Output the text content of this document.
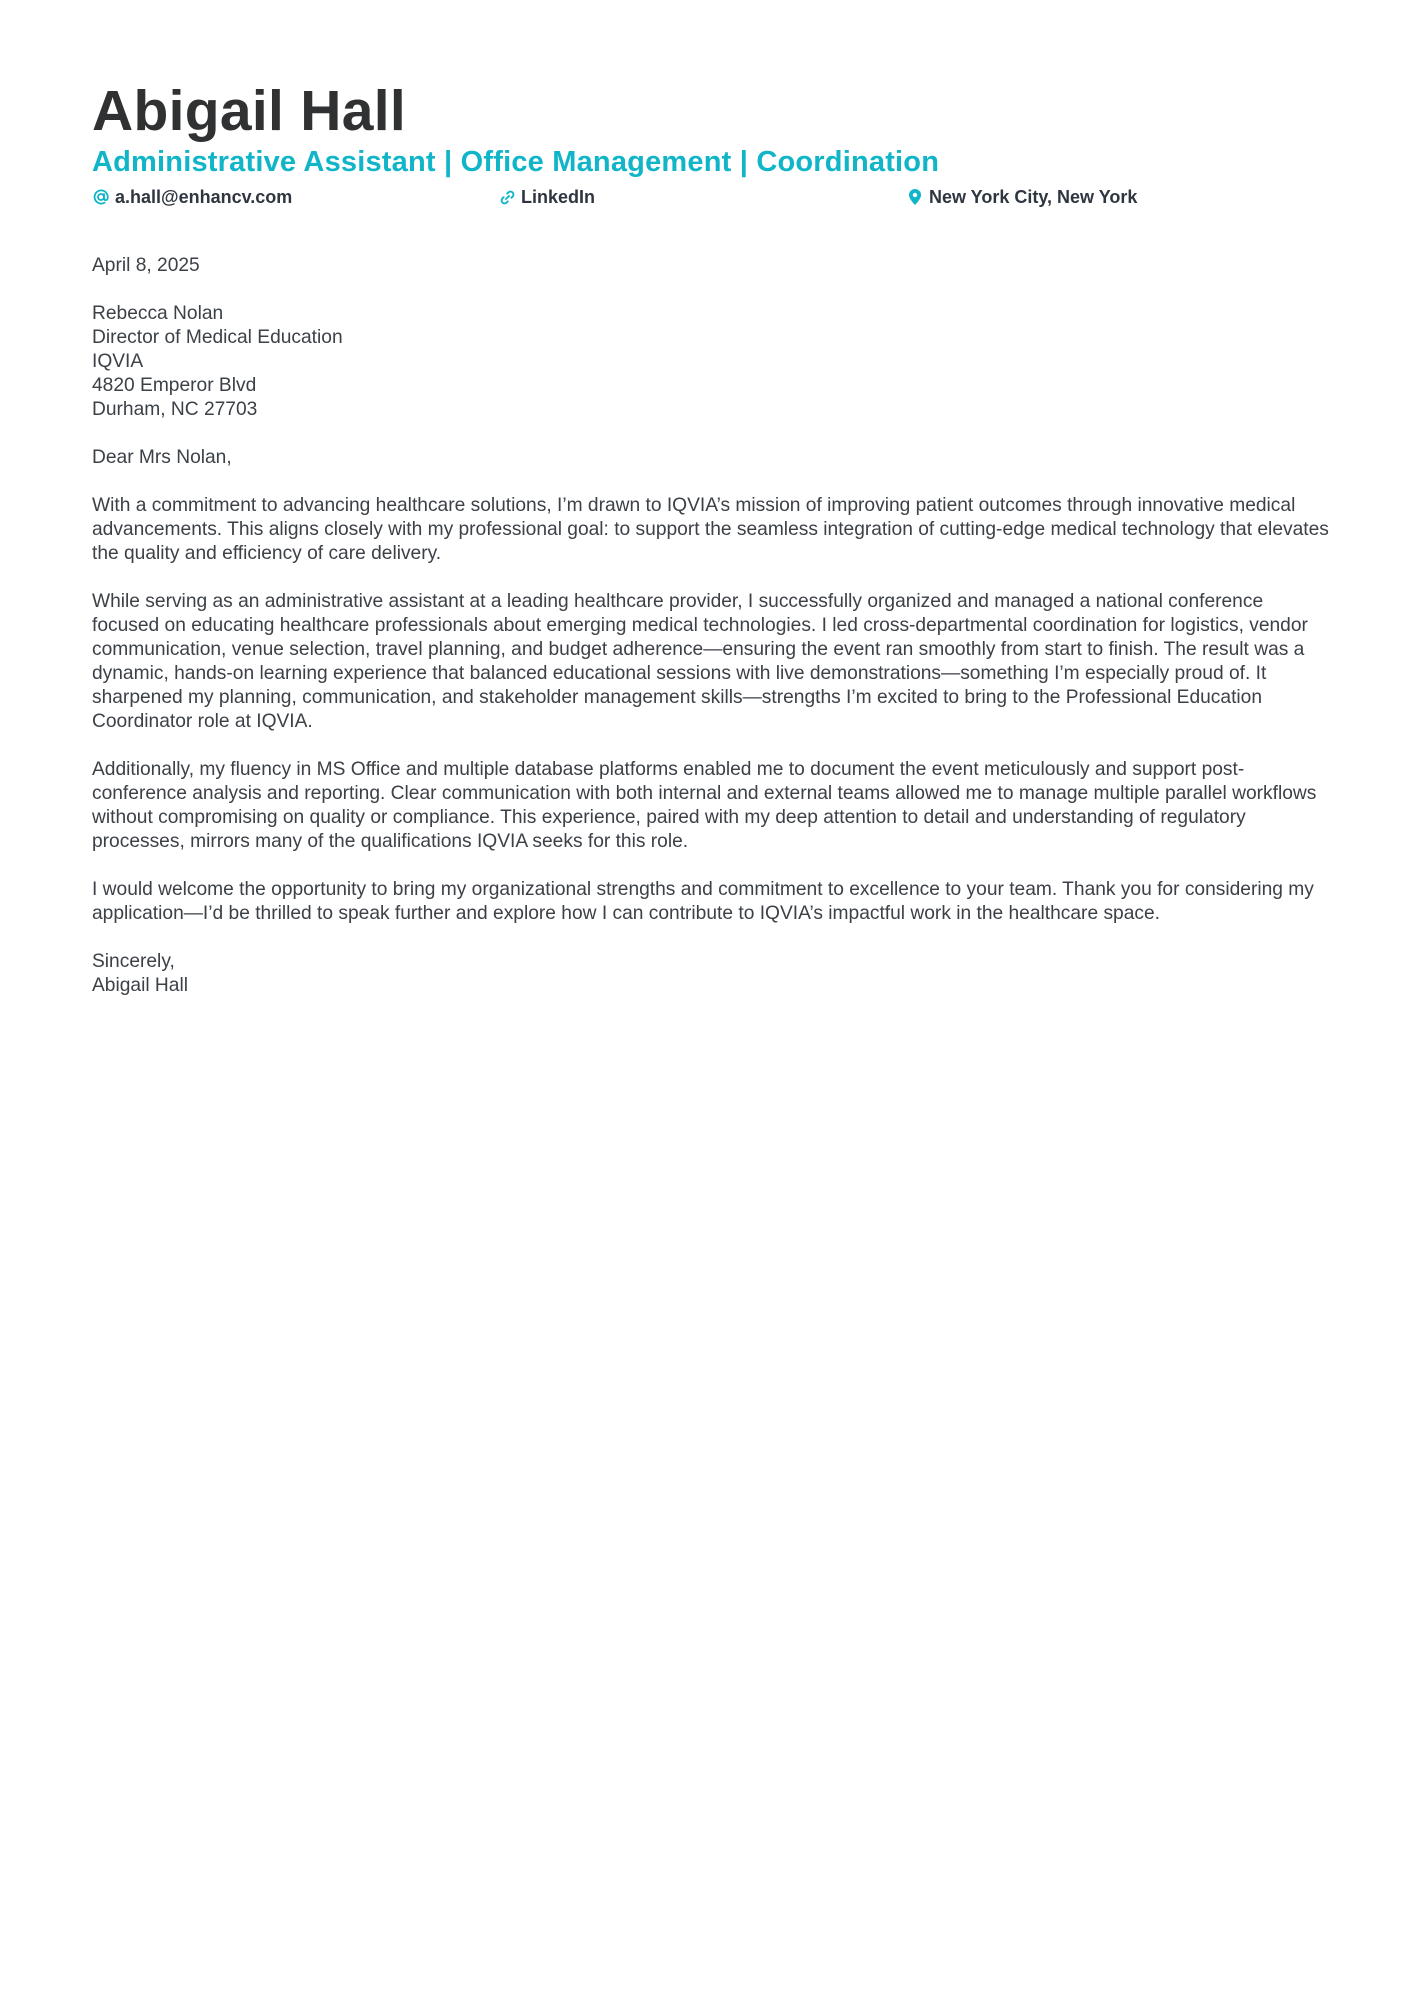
Abigail Hall
Administrative Assistant | Office Management | Coordination
a.hall@enhancv.com	LinkedIn	New York City, New York

April 8, 2025

Rebecca Nolan
Director of Medical Education
IQVIA
4820 Emperor Blvd
Durham, NC 27703

Dear Mrs Nolan,

With a commitment to advancing healthcare solutions, I’m drawn to IQVIA’s mission of improving patient outcomes through innovative medical advancements. This aligns closely with my professional goal: to support the seamless integration of cutting-edge medical technology that elevates the quality and efficiency of care delivery.

While serving as an administrative assistant at a leading healthcare provider, I successfully organized and managed a national conference focused on educating healthcare professionals about emerging medical technologies. I led cross-departmental coordination for logistics, vendor communication, venue selection, travel planning, and budget adherence—ensuring the event ran smoothly from start to finish. The result was a dynamic, hands-on learning experience that balanced educational sessions with live demonstrations—something I’m especially proud of. It sharpened my planning, communication, and stakeholder management skills—strengths I’m excited to bring to the Professional Education Coordinator role at IQVIA.

Additionally, my fluency in MS Office and multiple database platforms enabled me to document the event meticulously and support post-conference analysis and reporting. Clear communication with both internal and external teams allowed me to manage multiple parallel workflows without compromising on quality or compliance. This experience, paired with my deep attention to detail and understanding of regulatory processes, mirrors many of the qualifications IQVIA seeks for this role.

I would welcome the opportunity to bring my organizational strengths and commitment to excellence to your team. Thank you for considering my application—I’d be thrilled to speak further and explore how I can contribute to IQVIA’s impactful work in the healthcare space.

Sincerely,
Abigail Hall
